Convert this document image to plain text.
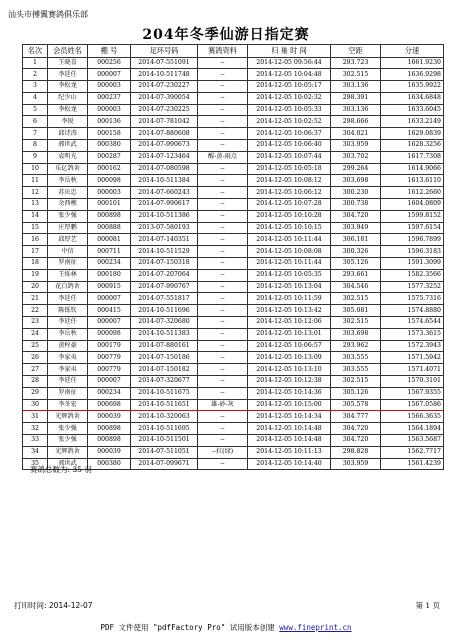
汕头市搏翼赛鸽俱乐部
204年冬季仙游日指定赛
名次	会员姓名	棚 号	足环号码	赛鸽资料	归 巢 时 间	空距	分速
1	王晓喜	000256	2014-07-551091	--	2014-12-05 09:56:44	293.723	1661.9230
2	李廷任	000007	2014-10-511748	--	2014-12-05 10:04:48	302.515	1636.9298
3	李松龙	000003	2014-07-230227	--	2014-12-05 10:05:17	303.136	1635.9922
4	纪少山	000237	2014-07-390054	--	2014-12-05 10:02:32	298.391	1634.6848
5	李松龙	000003	2014-07-230225	--	2014-12-05 10:05:33	303.136	1633.6045
6	李锐	000136	2014-07-781042	--	2014-12-05 10:02:52	298.666	1633.2149
7	邱诗涛	000158	2014-07-880608	--	2014-12-05 10:06:37	304.021	1629.0839
8	郭世武	000380	2014-07-990673	--	2014-12-05 10:06:40	303.959	1628.3256
9	袁明光	000287	2014-07-123464	醒-黄-雨点	2014-12-05 10:07:44	303.702	1617.7308
10	乐亿鸽舍	000162	2014-07-080598	--	2014-12-05 10:05:18	299.264	1614.9066
11	李岳秋	000098	2014-10-511384	--	2014-12-05 10:08:12	303.698	1613.6110
12	苏庆忠	000003	2014-07-660243	--	2014-12-05 10:06:12	300.230	1612.2660
13	余西樵	000101	2014-07-990617	--	2014-12-05 10:07:28	300.738	1604.0809
14	张少强	000898	2014-10-511386	--	2014-12-05 10:10:28	304.720	1599.8152
15	庄厚鹏	000888	2013-07-580193	--	2014-12-05 10:10:15	303.949	1597.6154
16	邱厚艺	000081	2014-07-140351	--	2014-12-05 10:11:44	306.181	1596.7899
17	中信	000711	2014-10-511529	--	2014-12-05 10:08:08	300.326	1596.3183
18	罗南征	000234	2014-07-150318	--	2014-12-05 10:11:44	305.126	1591.3099
19	王烁林	000180	2014-07-207064	--	2014-12-05 10:05:35	293.661	1582.3566
20	花白鸽舍	000915	2014-07-990767	--	2014-12-05 10:13:04	304.546	1577.3252
21	李廷任	000007	2014-07-551817	--	2014-12-05 10:11:59	302.515	1575.7316
22	陈铄钦	000415	2014-10-511696	--	2014-12-05 10:13:42	305.081	1574.8880
23	李廷任	000007	2014-07-320680	--	2014-12-05 10:12:06	302.515	1574.6544
24	李岳秋	000098	2014-10-511383	--	2014-12-05 10:13:01	303.698	1573.3615
25	黄梓豪	000179	2014-07-880161	--	2014-12-05 10:06:57	293.962	1572.3943
26	李家夷	000779	2014-07-150186	--	2014-12-05 10:13:09	303.555	1571.5942
27	李家夷	000779	2014-07-150182	--	2014-12-05 10:13:10	303.555	1571.4071
28	李廷任	000007	2014-07-320677	--	2014-12-05 10:12:38	302.515	1570.3101
29	罗南征	000234	2014-10-511675	--	2014-12-05 10:14:36	305.126	1567.9355
30	李冬宏	000698	2014-10-511651	雄-砂-灰	2014-12-05 10:15:00	305.578	1567.0586
31	光辉鸽舍	000039	2014-10-320063	--	2014-12-05 10:14:34	304.777	1566.3635
32	张少强	000898	2014-10-511695	--	2014-12-05 10:14:48	304.720	1564.1894
33	张少强	000898	2014-10-511501	--	2014-12-05 10:14:48	304.720	1563.5687
34	光辉鸽舍	000039	2014-07-511051	--扛(绿)	2014-12-05 10:11:13	298.828	1562.7717
35	郭世武	000380	2014-07-099671	--	2014-12-05 10:14:40	303.959	1561.4239
赛鸽总数为: 35 羽
打印时间: 2014-12-07	第 1 页
PDF 文件使用 "pdfFactory Pro" 试用版本创建 www.fineprint.cn
